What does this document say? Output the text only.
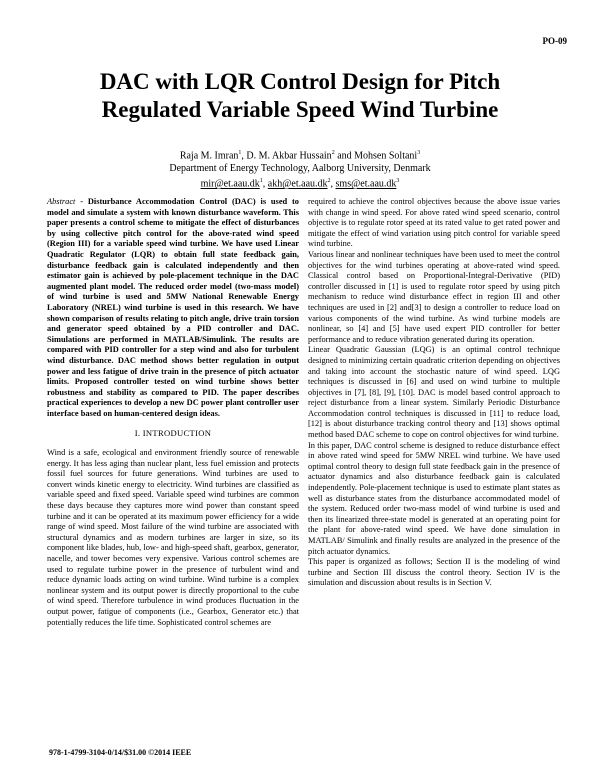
PO-09
DAC with LQR Control Design for Pitch
Regulated Variable Speed Wind Turbine
Raja M. Imran$^1$, D. M. Akbar Hussain$^2$ and Mohsen Soltani$^3$
Department of Energy Technology, Aalborg University, Denmark
$mir@et.aau.dk^1$, $akh@et.aau.dk^2$, $sms@et.aau.dk^3$

Abstract - Disturbance Accommodation Control (DAC) is used to model and simulate a system with known disturbance waveform. This paper presents a control scheme to mitigate the effect of disturbances by using collective pitch control for the above-rated wind speed (Region III) for a variable speed wind turbine. We have used Linear Quadratic Regulator (LQR) to obtain full state feedback gain, disturbance feedback gain is calculated independently and then estimator gain is achieved by pole-placement technique in the DAC augmented plant model. The reduced order model (two-mass model) of wind turbine is used and 5MW National Renewable Energy Laboratory (NREL) wind turbine is used in this research. We have shown comparison of results relating to pitch angle, drive train torsion and generator speed obtained by a PID controller and DAC. Simulations are performed in MATLAB/Simulink. The results are compared with PID controller for a step wind and also for turbulent wind disturbance. DAC method shows better regulation in output power and less fatigue of drive train in the presence of pitch actuator limits. Proposed controller tested on wind turbine shows better robustness and stability as compared to PID. The paper describes practical experiences to develop a new DC power plant controller user interface based on human-centered design ideas.

I. INTRODUCTION

Wind is a safe, ecological and environment friendly source of renewable energy. It has less aging than nuclear plant, less fuel emission and protects fossil fuel sources for future generations. Wind turbines are used to convert winds kinetic energy to electricity. Wind turbines are classified as variable speed and fixed speed. Variable speed wind turbines are common these days because they captures more wind power than constant speed turbine and it can be operated at its maximum power efficiency for a wide range of wind speed. Most failure of the wind turbine are associated with structural dynamics and as modern turbines are larger in size, so its component like blades, hub, low- and high-speed shaft, gearbox, generator, nacelle, and tower becomes very expensive. Various control schemes are used to regulate turbine power in the presence of turbulent wind and reduce dynamic loads acting on wind turbine. Wind turbine is a complex nonlinear system and its output power is directly proportional to the cube of wind speed. Therefore turbulence in wind produces fluctuation in the output power, fatigue of components (i.e., Gearbox, Generator etc.) that potentially reduces the life time. Sophisticated control schemes are

required to achieve the control objectives because the above issue varies with change in wind speed. For above rated wind speed scenario, control objective is to regulate rotor speed at its rated value to get rated power and mitigate the effect of wind variation using pitch control for variable speed wind turbine.

Various linear and nonlinear techniques have been used to meet the control objectives for the wind turbines operating at above-rated wind speed. Classical control based on Proportional-Integral-Derivative (PID) controller discussed in [1] is used to regulate rotor speed by using pitch mechanism to reduce wind disturbance effect in region III and other techniques are used in [2] and[3] to design a controller to reduce load on various components of the wind turbine. As wind turbine models are nonlinear, so [4] and [5] have used expert PID controller for better performance and to reduce vibration generated during its operation.

Linear Quadratic Gaussian (LQG) is an optimal control technique designed to minimizing certain quadratic criterion depending on objectives and taking into account the stochastic nature of wind speed. LQG techniques is discussed in [6] and used on wind turbine to multiple objectives in [7], [8], [9], [10]. DAC is model based control approach to reject disturbance from a linear system. Similarly Periodic Disturbance Accommodation control techniques is discussed in [11] to reduce load, [12] is about disturbance tracking control theory and [13] shows optimal method based DAC scheme to cope on control objectives for wind turbine.

In this paper, DAC control scheme is designed to reduce disturbance effect in above rated wind speed for 5MW NREL wind turbine. We have used optimal control theory to design full state feedback gain in the presence of actuator dynamics and also disturbance feedback gain is calculated independently. Pole-placement technique is used to estimate plant states as well as disturbance states from the disturbance accommodated model of the system. Reduced order two-mass model of wind turbine is used and then its linearized three-state model is generated at an operating point for the plant for above-rated wind speed. We have done simulation in MATLAB/ Simulink and finally results are analyzed in the presence of the pitch actuator dynamics.

This paper is organized as follows; Section II is the modeling of wind turbine and Section III discuss the control theory. Section IV is the simulation and discussion about results is in Section V.

978-1-4799-3104-0/14/$31.00 ©2014 IEEE
